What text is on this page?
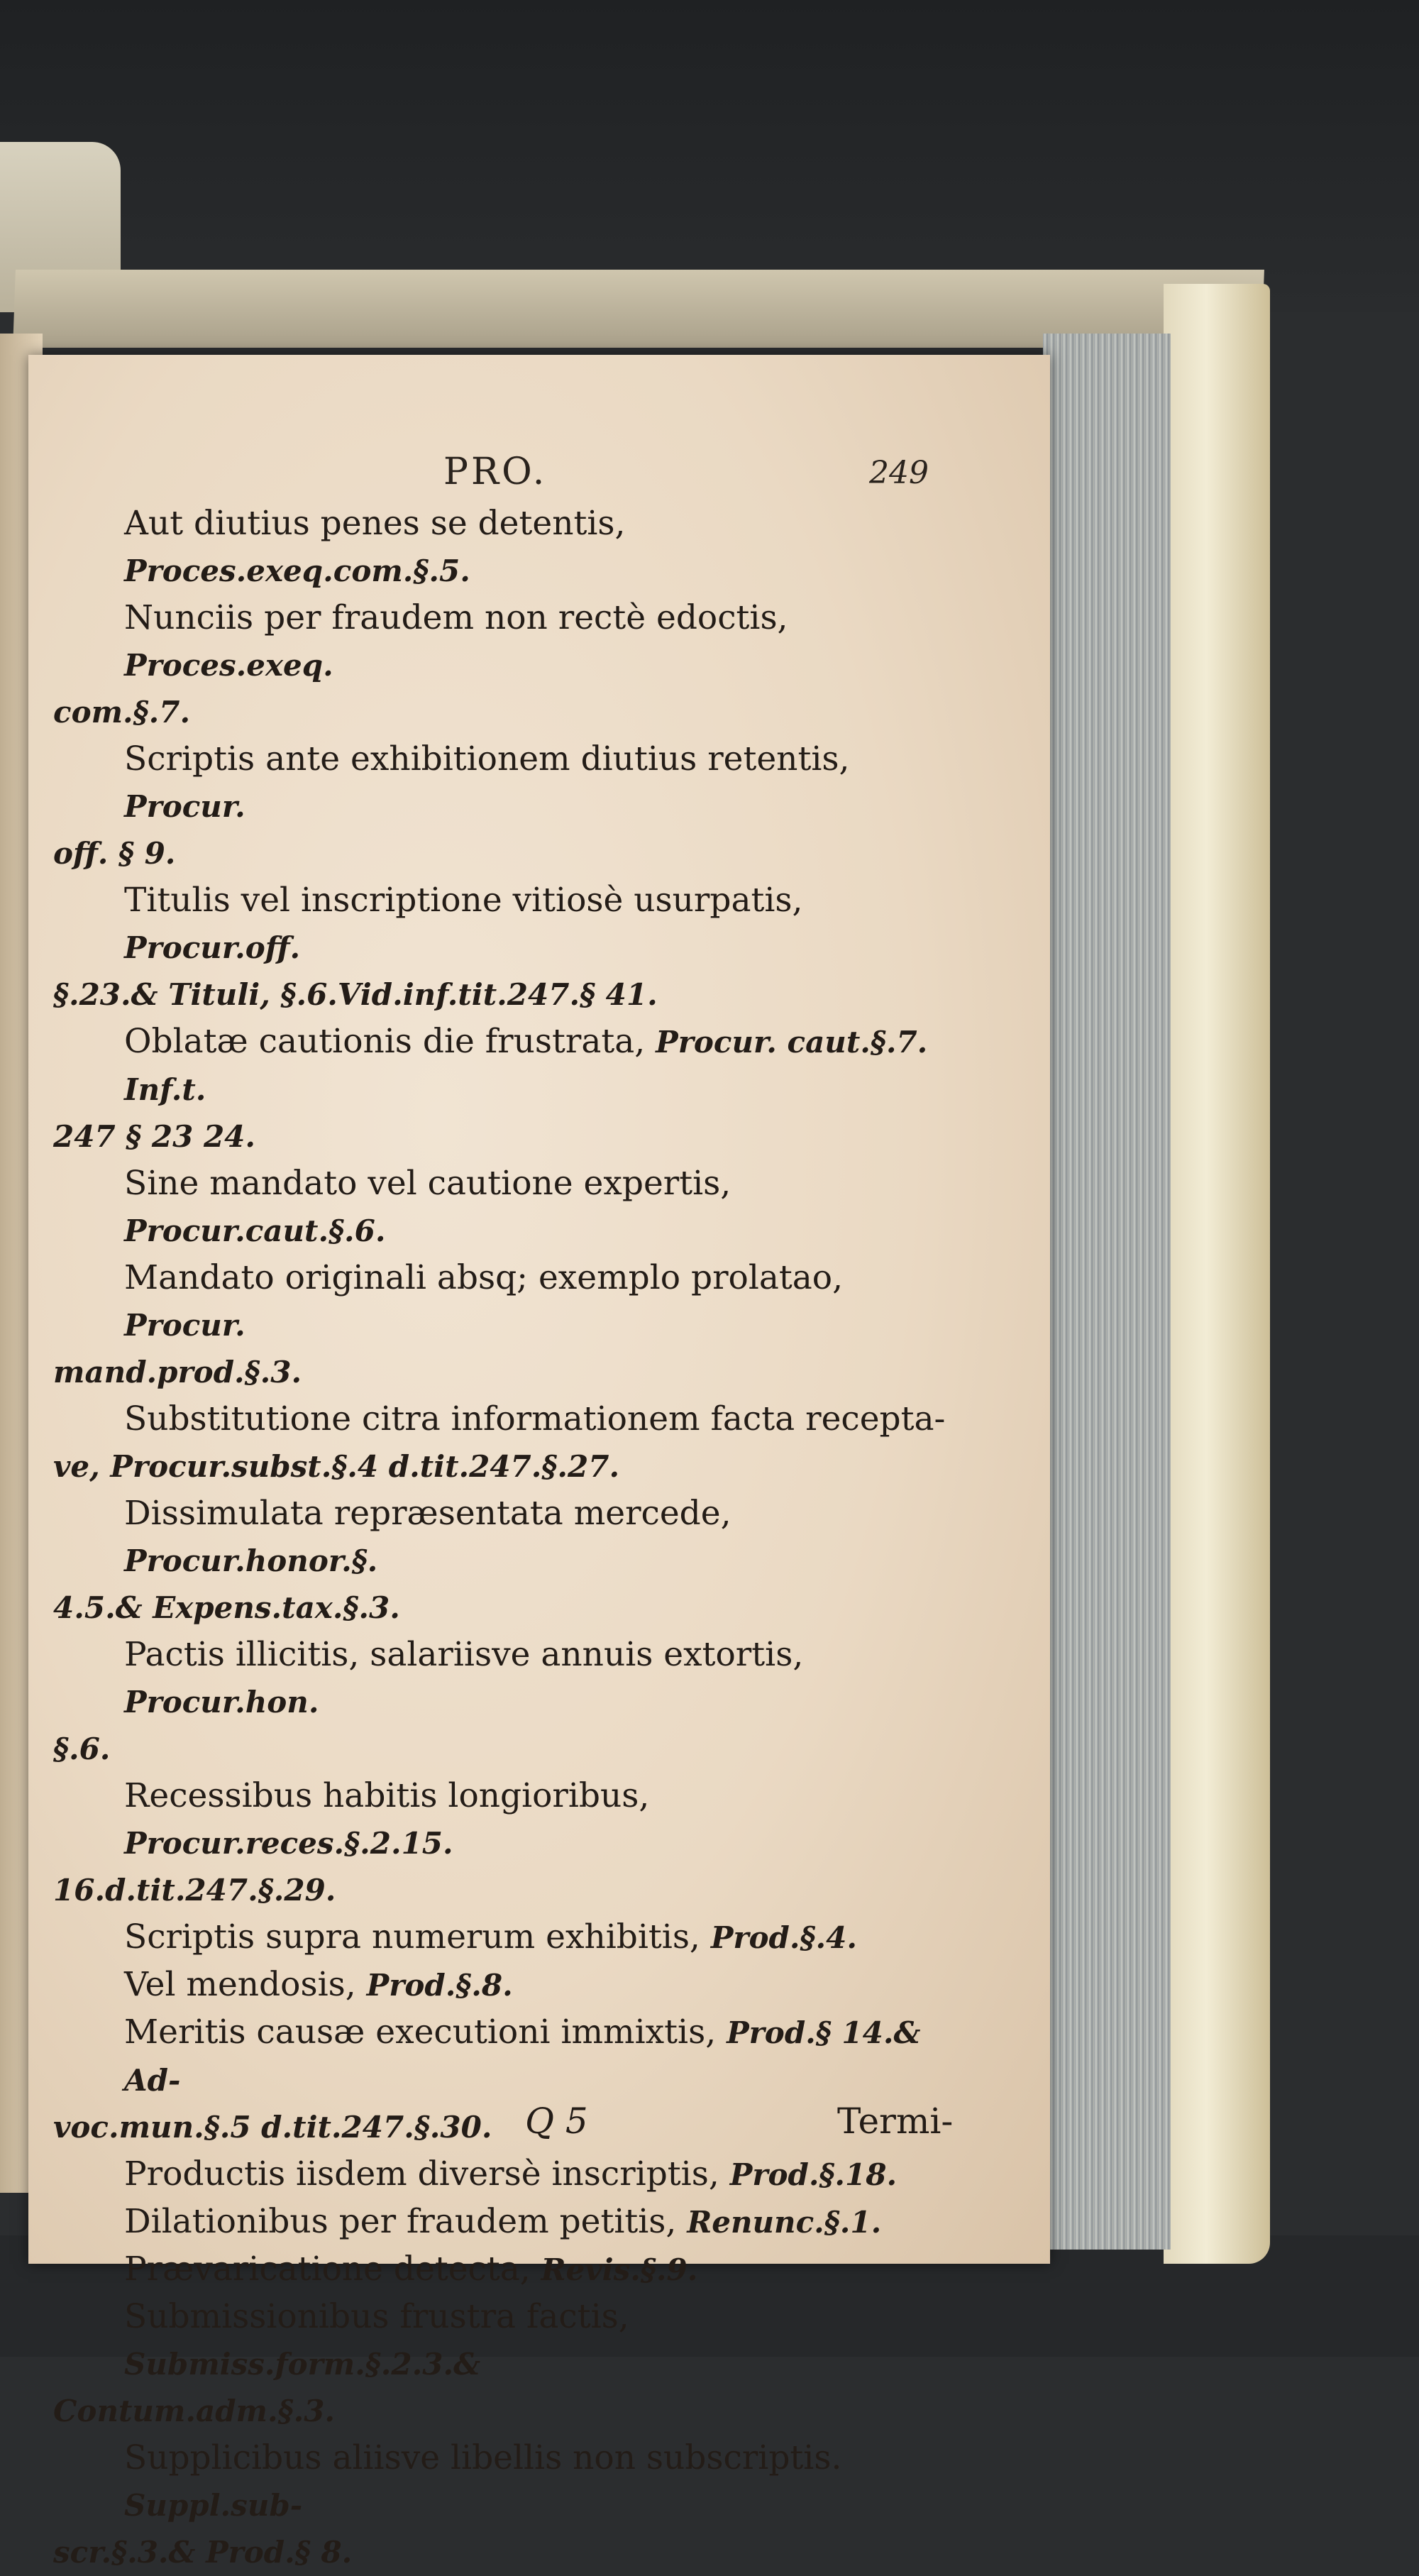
PRO.	249

Aut diutius penes se detentis, Proces.exeq.com.§.5.

Nunciis per fraudem non rectè edoctis, Proces.exeq.
com.§.7.

Scriptis ante exhibitionem diutius retentis, Procur.
off. § 9.

Titulis vel inscriptione vitiosè usurpatis, Procur.off.
§.23.& Tituli, §.6.Vid.inf.tit.247.§ 41.

Oblatæ cautionis die frustrata, Procur. caut.§.7. Inf.t.
247 § 23 24.

Sine mandato vel cautione expertis, Procur.caut.§.6.

Mandato originali absq; exemplo prolatao, Procur.
mand.prod.§.3.

Substitutione citra informationem facta recepta-
ve, Procur.subst.§.4 d.tit.247.§.27.

Dissimulata repræsentata mercede, Procur.honor.§.
4.5.& Expens.tax.§.3.

Pactis illicitis, salariisve annuis extortis, Procur.hon.
§.6.

Recessibus habitis longioribus, Procur.reces.§.2.15.
16.d.tit.247.§.29.

Scriptis supra numerum exhibitis, Prod.§.4.

Vel mendosis, Prod.§.8.

Meritis causæ executioni immixtis, Prod.§ 14.& Ad-
voc.mun.§.5 d.tit.247.§.30.

Productis iisdem diversè inscriptis, Prod.§.18.

Dilationibus per fraudem petitis, Renunc.§.1.

Prævaricatione detecta, Revis.§.9.

Submissionibus frustra factis, Submiss.form.§.2.3.&
Contum.adm.§.3.

Supplicibus aliisve libellis non subscriptis. Suppl.sub-
scr.§.3.& Prod.§ 8.

Q 5	Termi-
